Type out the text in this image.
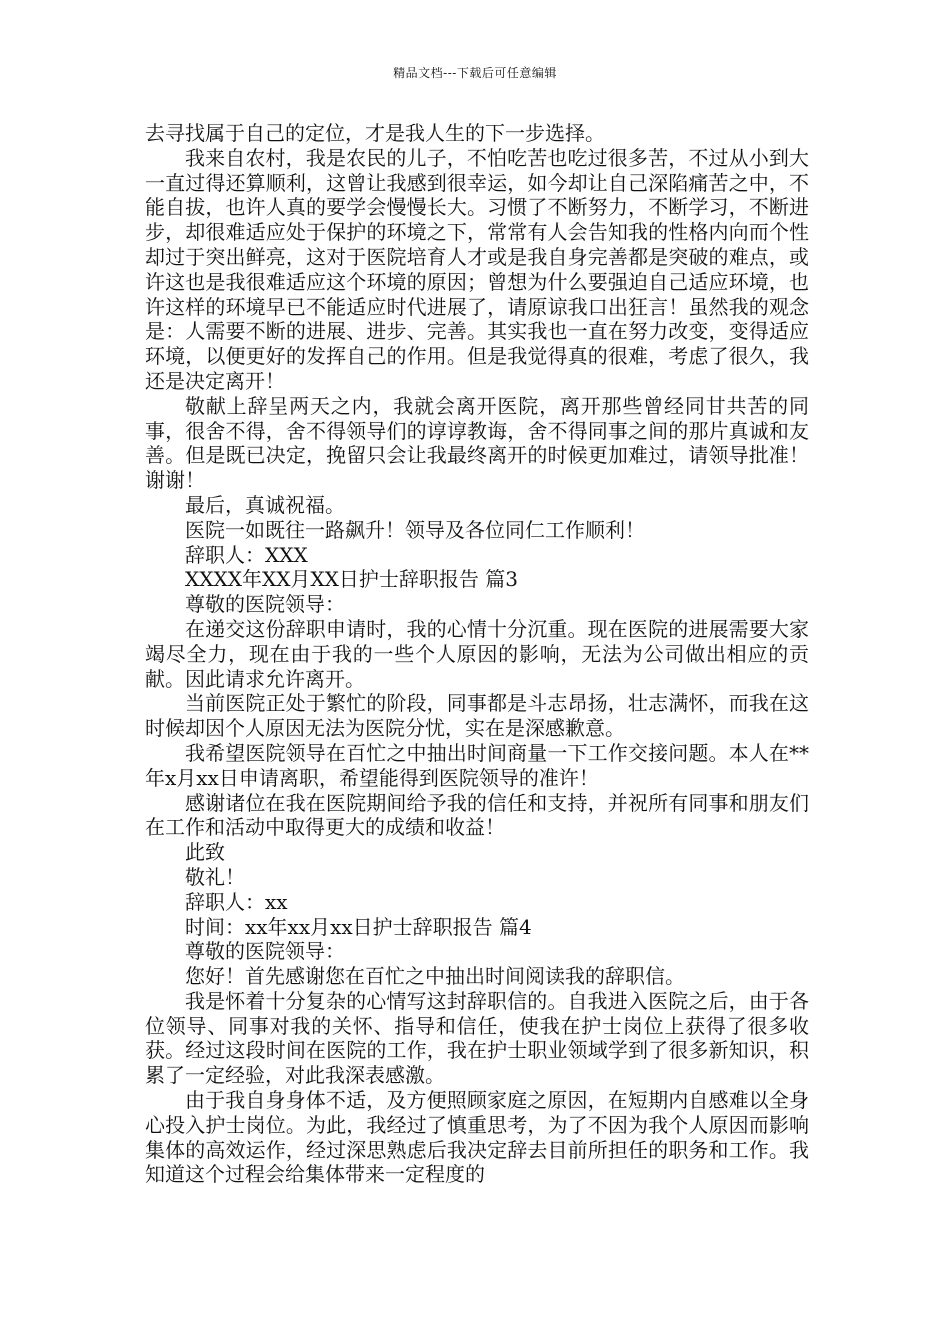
精品文档---下载后可任意编辑

去寻找属于自己的定位，才是我人生的下一步选择。

我来自农村，我是农民的儿子，不怕吃苦也吃过很多苦，不过从小到大一直过得还算顺利，这曾让我感到很幸运，如今却让自己深陷痛苦之中，不能自拔，也许人真的要学会慢慢长大。习惯了不断努力，不断学习，不断进步，却很难适应处于保护的环境之下，常常有人会告知我的性格内向而个性却过于突出鲜亮，这对于医院培育人才或是我自身完善都是突破的难点，或许这也是我很难适应这个环境的原因；曾想为什么要强迫自己适应环境，也许这样的环境早已不能适应时代进展了，请原谅我口出狂言！虽然我的观念是：人需要不断的进展、进步、完善。其实我也一直在努力改变，变得适应环境，以便更好的发挥自己的作用。但是我觉得真的很难，考虑了很久，我还是决定离开！

敬献上辞呈两天之内，我就会离开医院，离开那些曾经同甘共苦的同事，很舍不得，舍不得领导们的谆谆教诲，舍不得同事之间的那片真诚和友善。但是既已决定，挽留只会让我最终离开的时候更加难过，请领导批准！谢谢！

最后，真诚祝福。

医院一如既往一路飙升！领导及各位同仁工作顺利！

辞职人：XXX

XXXX年XX月XX日护士辞职报告 篇3

尊敬的医院领导：

在递交这份辞职申请时，我的心情十分沉重。现在医院的进展需要大家竭尽全力，现在由于我的一些个人原因的影响，无法为公司做出相应的贡献。因此请求允许离开。

当前医院正处于繁忙的阶段，同事都是斗志昂扬，壮志满怀，而我在这时候却因个人原因无法为医院分忧，实在是深感歉意。

我希望医院领导在百忙之中抽出时间商量一下工作交接问题。本人在**年x月xx日申请离职，希望能得到医院领导的准许！

感谢诸位在我在医院期间给予我的信任和支持，并祝所有同事和朋友们在工作和活动中取得更大的成绩和收益！

此致

敬礼！

辞职人：xx

时间：xx年xx月xx日护士辞职报告 篇4

尊敬的医院领导：

您好！首先感谢您在百忙之中抽出时间阅读我的辞职信。

我是怀着十分复杂的心情写这封辞职信的。自我进入医院之后，由于各位领导、同事对我的关怀、指导和信任，使我在护士岗位上获得了很多收获。经过这段时间在医院的工作，我在护士职业领域学到了很多新知识，积累了一定经验，对此我深表感激。

由于我自身身体不适，及方便照顾家庭之原因，在短期内自感难以全身心投入护士岗位。为此，我经过了慎重思考，为了不因为我个人原因而影响集体的高效运作，经过深思熟虑后我决定辞去目前所担任的职务和工作。我知道这个过程会给集体带来一定程度的
